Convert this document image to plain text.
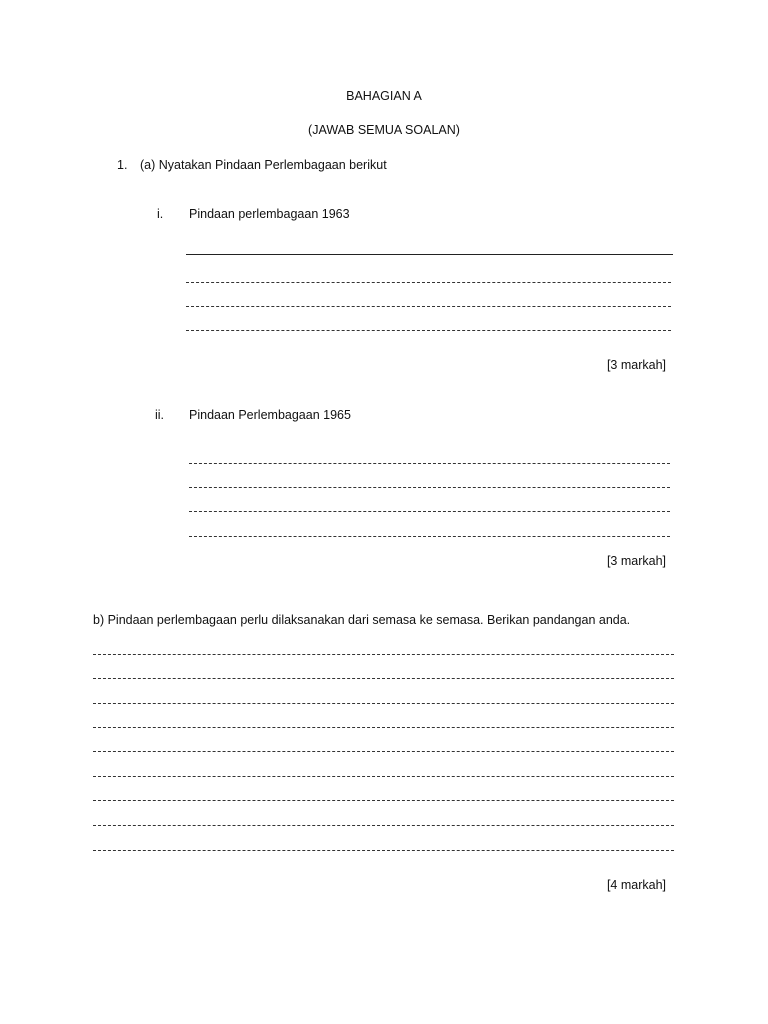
BAHAGIAN A
(JAWAB SEMUA SOALAN)
1. (a) Nyatakan Pindaan Perlembagaan berikut
i. Pindaan perlembagaan 1963
[3 markah]
ii. Pindaan Perlembagaan 1965
[3 markah]
b) Pindaan perlembagaan perlu dilaksanakan dari semasa ke semasa. Berikan pandangan anda.
[4 markah]
